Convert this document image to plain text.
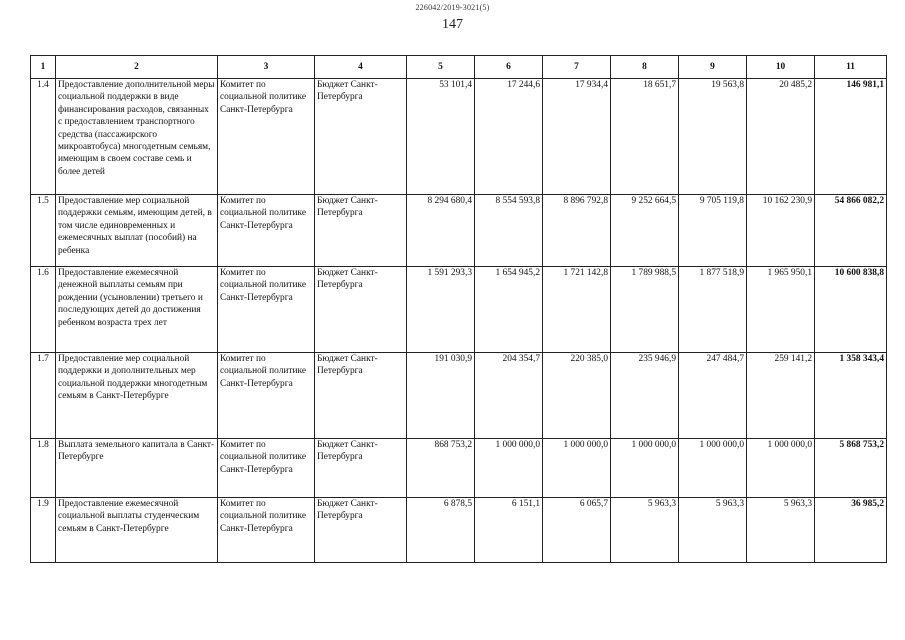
226042/2019-3021(5)
147
1	2	3	4	5	6	7	8	9	10	11
1.4	Предоставление дополнительной меры социальной поддержки в виде финансирования расходов, связанных с предоставлением транспортного средства (пассажирского микроавтобуса) многодетным семьям, имеющим в своем составе семь и более детей	Комитет по социальной политике Санкт-Петербурга	Бюджет Санкт-Петербурга	53 101,4	17 244,6	17 934,4	18 651,7	19 563,8	20 485,2	146 981,1
1.5	Предоставление мер социальной поддержки семьям, имеющим детей, в том числе единовременных и ежемесячных выплат (пособий) на ребенка	Комитет по социальной политике Санкт-Петербурга	Бюджет Санкт-Петербурга	8 294 680,4	8 554 593,8	8 896 792,8	9 252 664,5	9 705 119,8	10 162 230,9	54 866 082,2
1.6	Предоставление ежемесячной денежной выплаты семьям при рождении (усыновлении) третьего и последующих детей до достижения ребенком возраста трех лет	Комитет по социальной политике Санкт-Петербурга	Бюджет Санкт-Петербурга	1 591 293,3	1 654 945,2	1 721 142,8	1 789 988,5	1 877 518,9	1 965 950,1	10 600 838,8
1.7	Предоставление мер социальной поддержки и дополнительных мер социальной поддержки многодетным семьям в Санкт-Петербурге	Комитет по социальной политике Санкт-Петербурга	Бюджет Санкт-Петербурга	191 030,9	204 354,7	220 385,0	235 946,9	247 484,7	259 141,2	1 358 343,4
1.8	Выплата земельного капитала в Санкт-Петербурге	Комитет по социальной политике Санкт-Петербурга	Бюджет Санкт-Петербурга	868 753,2	1 000 000,0	1 000 000,0	1 000 000,0	1 000 000,0	1 000 000,0	5 868 753,2
1.9	Предоставление ежемесячной социальной выплаты студенческим семьям в Санкт-Петербурге	Комитет по социальной политике Санкт-Петербурга	Бюджет Санкт-Петербурга	6 878,5	6 151,1	6 065,7	5 963,3	5 963,3	5 963,3	36 985,2
